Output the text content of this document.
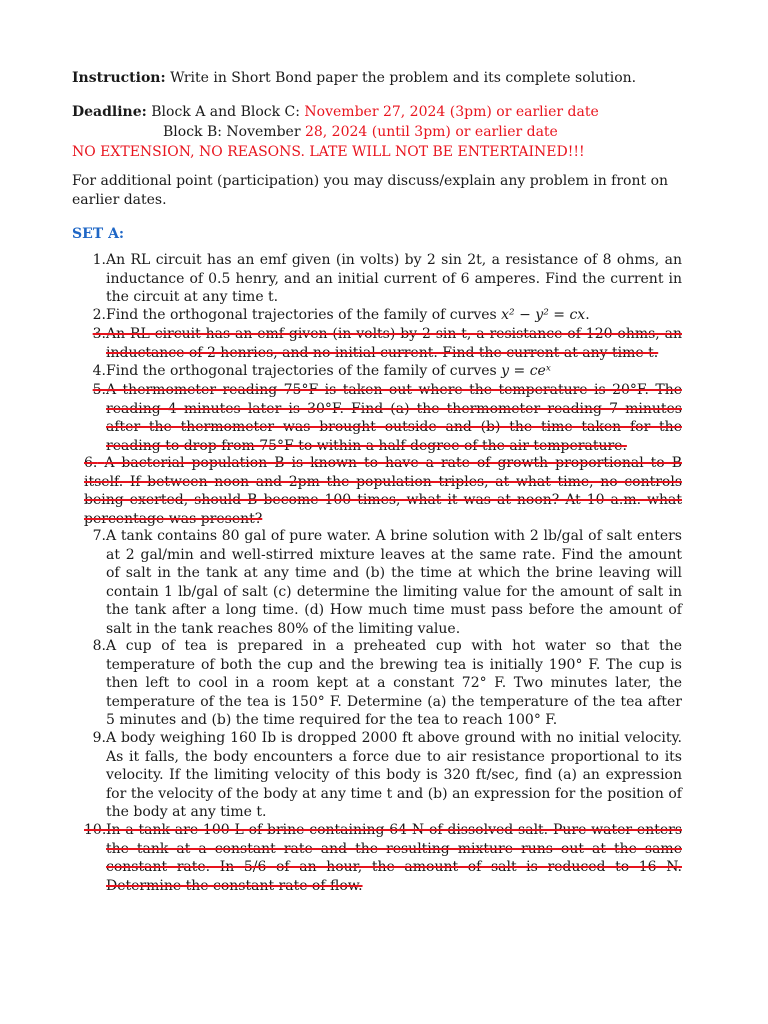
Instruction: Write in Short Bond paper the problem and its complete solution.
Deadline: Block A and Block C: November 27, 2024 (3pm) or earlier date
Block B: November 28, 2024 (until 3pm) or earlier date
NO EXTENSION, NO REASONS. LATE WILL NOT BE ENTERTAINED!!!
For additional point (participation) you may discuss/explain any problem in front on earlier dates.
SET A:
1. An RL circuit has an emf given (in volts) by 2 sin 2t, a resistance of 8 ohms, an inductance of 0.5 henry, and an initial current of 6 amperes. Find the current in the circuit at any time t.
2. Find the orthogonal trajectories of the family of curves x² − y² = cx.
3. An RL circuit has an emf given (in volts) by 2 sin t, a resistance of 120 ohms, an inductance of 2 henries, and no initial current. Find the current at any time t.
4. Find the orthogonal trajectories of the family of curves y = ceˣ
5. A thermometer reading 75°F is taken out where the temperature is 20°F. The reading 4 minutes later is 30°F. Find (a) the thermometer reading 7 minutes after the thermometer was brought outside and (b) the time taken for the reading to drop from 75°F to within a half degree of the air temperature.
6. A bacterial population B is known to have a rate of growth proportional to B itself. If between noon and 2pm the population triples, at what time, no controls being exerted, should B become 100 times, what it was at noon? At 10 a.m. what percentage was present?
7. A tank contains 80 gal of pure water. A brine solution with 2 lb/gal of salt enters at 2 gal/min and well-stirred mixture leaves at the same rate. Find the amount of salt in the tank at any time and (b) the time at which the brine leaving will contain 1 lb/gal of salt (c) determine the limiting value for the amount of salt in the tank after a long time. (d) How much time must pass before the amount of salt in the tank reaches 80% of the limiting value.
8. A cup of tea is prepared in a preheated cup with hot water so that the temperature of both the cup and the brewing tea is initially 190° F. The cup is then left to cool in a room kept at a constant 72° F. Two minutes later, the temperature of the tea is 150° F. Determine (a) the temperature of the tea after 5 minutes and (b) the time required for the tea to reach 100° F.
9. A body weighing 160 Ib is dropped 2000 ft above ground with no initial velocity. As it falls, the body encounters a force due to air resistance proportional to its velocity. If the limiting velocity of this body is 320 ft/sec, find (a) an expression for the velocity of the body at any time t and (b) an expression for the position of the body at any time t.
10. In a tank are 100 L of brine containing 64 N of dissolved salt. Pure water enters the tank at a constant rate and the resulting mixture runs out at the same constant rate. In 5/6 of an hour, the amount of salt is reduced to 16 N. Determine the constant rate of flow.
